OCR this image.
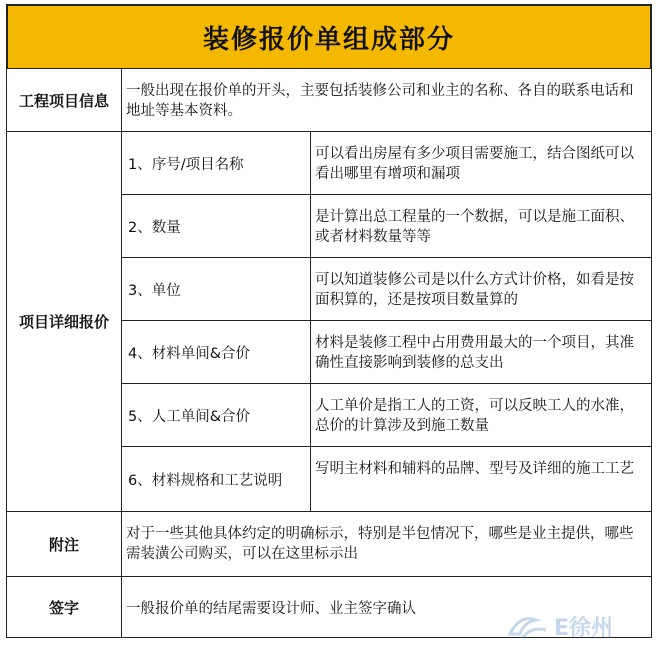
装修报价单组成部分
工程项目信息
一般出现在报价单的开头，主要包括装修公司和业主的名称、各自的联系电话和地址等基本资料。
项目详细报价
1、序号/项目名称
可以看出房屋有多少项目需要施工，结合图纸可以看出哪里有增项和漏项
2、数量
是计算出总工程量的一个数据，可以是施工面积、或者材料数量等等
3、单位
可以知道装修公司是以什么方式计价格，如看是按面积算的，还是按项目数量算的
4、材料单间&合价
材料是装修工程中占用费用最大的一个项目，其准确性直接影响到装修的总支出
5、人工单间&合价
人工单价是指工人的工资，可以反映工人的水准，总价的计算涉及到施工数量
6、材料规格和工艺说明
写明主材料和辅料的品牌、型号及详细的施工工艺
附注
对于一些其他具体约定的明确标示，特别是半包情况下，哪些是业主提供，哪些需装潢公司购买，可以在这里标示出
签字	一般报价单的结尾需要设计师、业主签字确认
E徐州
